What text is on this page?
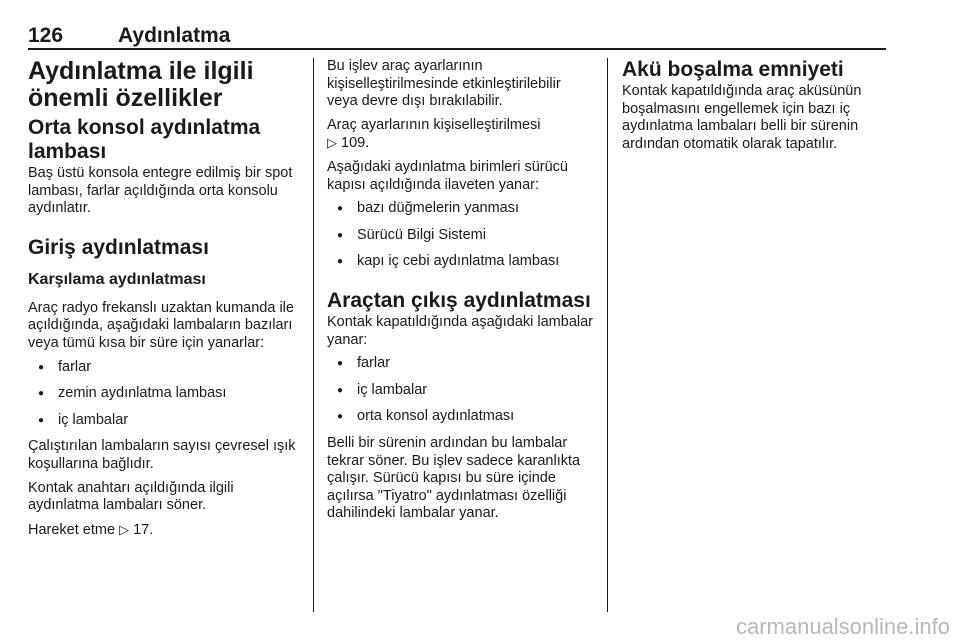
126	Aydınlatma
Aydınlatma ile ilgili önemli özellikler
Orta konsol aydınlatma lambası

Baş üstü konsola entegre edilmiş bir spot lambası, farlar açıldığında orta konsolu aydınlatır.

Giriş aydınlatması
Karşılama aydınlatması

Araç radyo frekanslı uzaktan kumanda ile açıldığında, aşağıdaki lambaların bazıları veya tümü kısa bir süre için yanarlar:

● farlar
● zemin aydınlatma lambası
● iç lambalar

Çalıştırılan lambaların sayısı çevresel ışık koşullarına bağlıdır.

Kontak anahtarı açıldığında ilgili aydınlatma lambaları söner.

Hareket etme ▷ 17.

Bu işlev araç ayarlarının kişiselleştirilmesinde etkinleştirilebilir veya devre dışı bırakılabilir.

Araç ayarlarının kişiselleştirilmesi
▷ 109.

Aşağıdaki aydınlatma birimleri sürücü kapısı açıldığında ilaveten yanar:

● bazı düğmelerin yanması
● Sürücü Bilgi Sistemi
● kapı iç cebi aydınlatma lambası
Araçtan çıkış aydınlatması

Kontak kapatıldığında aşağıdaki lambalar yanar:

● farlar
● iç lambalar
● orta konsol aydınlatması

Belli bir sürenin ardından bu lambalar tekrar söner. Bu işlev sadece karanlıkta çalışır. Sürücü kapısı bu süre içinde açılırsa "Tiyatro" aydınlatması özelliği dahilindeki lambalar yanar.

Akü boşalma emniyeti

Kontak kapatıldığında araç aküsünün boşalmasını engellemek için bazı iç aydınlatma lambaları belli bir sürenin ardından otomatik olarak tapatılır.

carmanualsonline.info
